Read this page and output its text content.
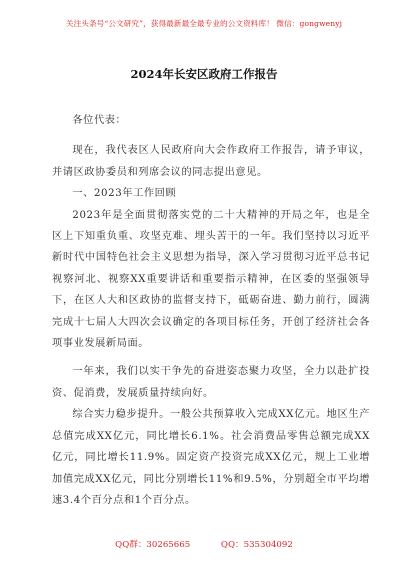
关注头条号“公文研究”，获得最新最全最专业的公文资料库！ 微信：gongwenyj
2024年长安区政府工作报告

各位代表：

现在，我代表区人民政府向大会作政府工作报告，请予审议，并请区政协委员和列席会议的同志提出意见。

一、2023年工作回顾

2023年是全面贯彻落实党的二十大精神的开局之年，也是全区上下知重负重、攻坚克难、埋头苦干的一年。我们坚持以习近平新时代中国特色社会主义思想为指导，深入学习贯彻习近平总书记视察河北、视察XX重要讲话和重要指示精神，在区委的坚强领导下，在区人大和区政协的监督支持下，砥砺奋进、勤力前行，圆满完成十七届人大四次会议确定的各项目标任务，开创了经济社会各项事业发展新局面。

一年来，我们以实干争先的奋进姿态聚力攻坚，全力以赴扩投资、促消费，发展质量持续向好。

综合实力稳步提升。一般公共预算收入完成XX亿元。地区生产总值完成XX亿元，同比增长6.1%。社会消费品零售总额完成XX亿元，同比增长11.9%。固定资产投资完成XX亿元，规上工业增加值完成XX亿元，同比分别增长11%和9.5%，分别超全市平均增速3.4个百分点和1个百分点。

QQ群：30265665	QQ：535304092
